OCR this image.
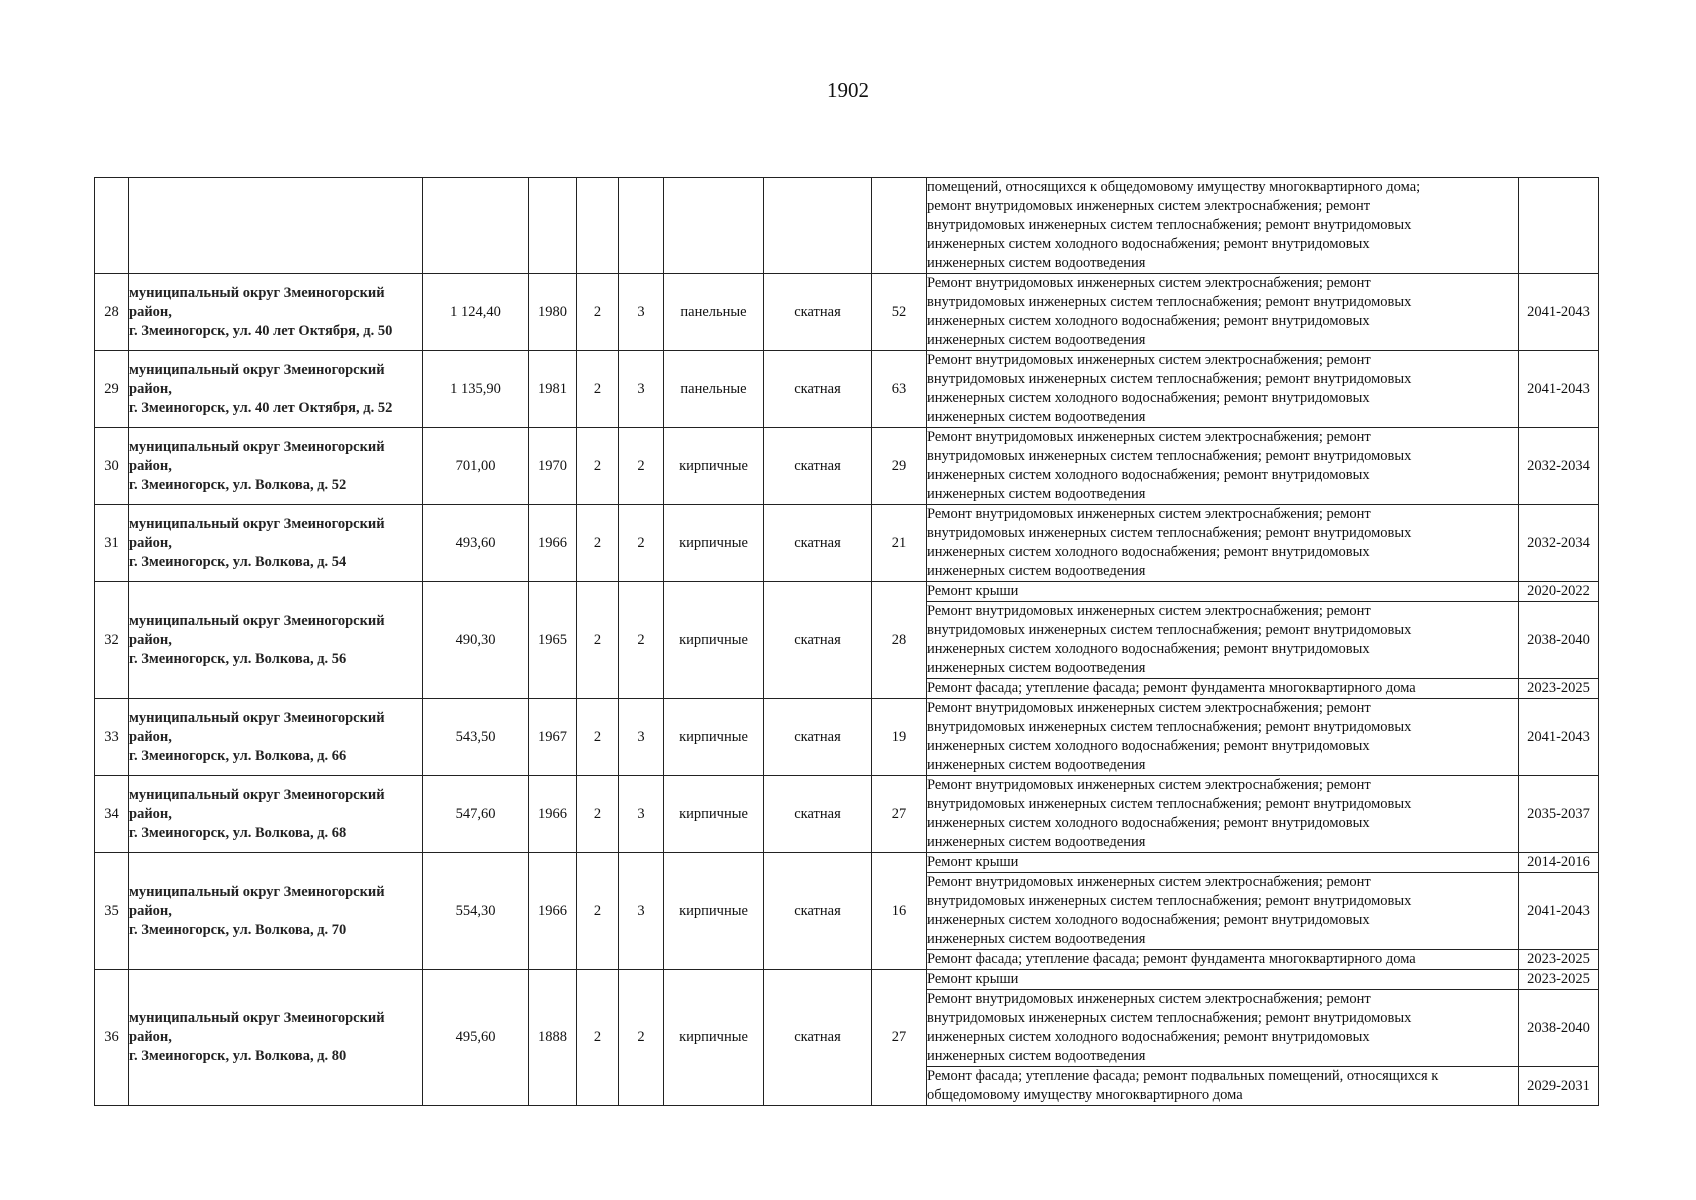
1902
									помещений, относящихся к общедомовому имуществу многоквартирного дома;
ремонт внутридомовых инженерных систем электроснабжения; ремонт
внутридомовых инженерных систем теплоснабжения; ремонт внутридомовых
инженерных систем холодного водоснабжения; ремонт внутридомовых
инженерных систем водоотведения	
28	муниципальный округ Змеиногорский район,
г. Змеиногорск, ул. 40 лет Октября, д. 50	1 124,40	1980	2	3	панельные	скатная	52	Ремонт внутридомовых инженерных систем электроснабжения; ремонт
внутридомовых инженерных систем теплоснабжения; ремонт внутридомовых
инженерных систем холодного водоснабжения; ремонт внутридомовых
инженерных систем водоотведения	2041-2043
29	муниципальный округ Змеиногорский район,
г. Змеиногорск, ул. 40 лет Октября, д. 52	1 135,90	1981	2	3	панельные	скатная	63	Ремонт внутридомовых инженерных систем электроснабжения; ремонт
внутридомовых инженерных систем теплоснабжения; ремонт внутридомовых
инженерных систем холодного водоснабжения; ремонт внутридомовых
инженерных систем водоотведения	2041-2043
30	муниципальный округ Змеиногорский район,
г. Змеиногорск, ул. Волкова, д. 52	701,00	1970	2	2	кирпичные	скатная	29	Ремонт внутридомовых инженерных систем электроснабжения; ремонт
внутридомовых инженерных систем теплоснабжения; ремонт внутридомовых
инженерных систем холодного водоснабжения; ремонт внутридомовых
инженерных систем водоотведения	2032-2034
31	муниципальный округ Змеиногорский район,
г. Змеиногорск, ул. Волкова, д. 54	493,60	1966	2	2	кирпичные	скатная	21	Ремонт внутридомовых инженерных систем электроснабжения; ремонт
внутридомовых инженерных систем теплоснабжения; ремонт внутридомовых
инженерных систем холодного водоснабжения; ремонт внутридомовых
инженерных систем водоотведения	2032-2034
32	муниципальный округ Змеиногорский район,
г. Змеиногорск, ул. Волкова, д. 56	490,30	1965	2	2	кирпичные	скатная	28	Ремонт крыши	2020-2022
									Ремонт внутридомовых инженерных систем электроснабжения; ремонт
внутридомовых инженерных систем теплоснабжения; ремонт внутридомовых
инженерных систем холодного водоснабжения; ремонт внутридомовых
инженерных систем водоотведения	2038-2040
									Ремонт фасада; утепление фасада; ремонт фундамента многоквартирного дома	2023-2025
33	муниципальный округ Змеиногорский район,
г. Змеиногорск, ул. Волкова, д. 66	543,50	1967	2	3	кирпичные	скатная	19	Ремонт внутридомовых инженерных систем электроснабжения; ремонт
внутридомовых инженерных систем теплоснабжения; ремонт внутридомовых
инженерных систем холодного водоснабжения; ремонт внутридомовых
инженерных систем водоотведения	2041-2043
34	муниципальный округ Змеиногорский район,
г. Змеиногорск, ул. Волкова, д. 68	547,60	1966	2	3	кирпичные	скатная	27	Ремонт внутридомовых инженерных систем электроснабжения; ремонт
внутридомовых инженерных систем теплоснабжения; ремонт внутридомовых
инженерных систем холодного водоснабжения; ремонт внутридомовых
инженерных систем водоотведения	2035-2037
35	муниципальный округ Змеиногорский район,
г. Змеиногорск, ул. Волкова, д. 70	554,30	1966	2	3	кирпичные	скатная	16	Ремонт крыши	2014-2016
									Ремонт внутридомовых инженерных систем электроснабжения; ремонт
внутридомовых инженерных систем теплоснабжения; ремонт внутридомовых
инженерных систем холодного водоснабжения; ремонт внутридомовых
инженерных систем водоотведения	2041-2043
									Ремонт фасада; утепление фасада; ремонт фундамента многоквартирного дома	2023-2025
36	муниципальный округ Змеиногорский район,
г. Змеиногорск, ул. Волкова, д. 80	495,60	1888	2	2	кирпичные	скатная	27	Ремонт крыши	2023-2025
									Ремонт внутридомовых инженерных систем электроснабжения; ремонт
внутридомовых инженерных систем теплоснабжения; ремонт внутридомовых
инженерных систем холодного водоснабжения; ремонт внутридомовых
инженерных систем водоотведения	2038-2040
									Ремонт фасада; утепление фасада; ремонт подвальных помещений, относящихся к
общедомовому имуществу многоквартирного дома	2029-2031
